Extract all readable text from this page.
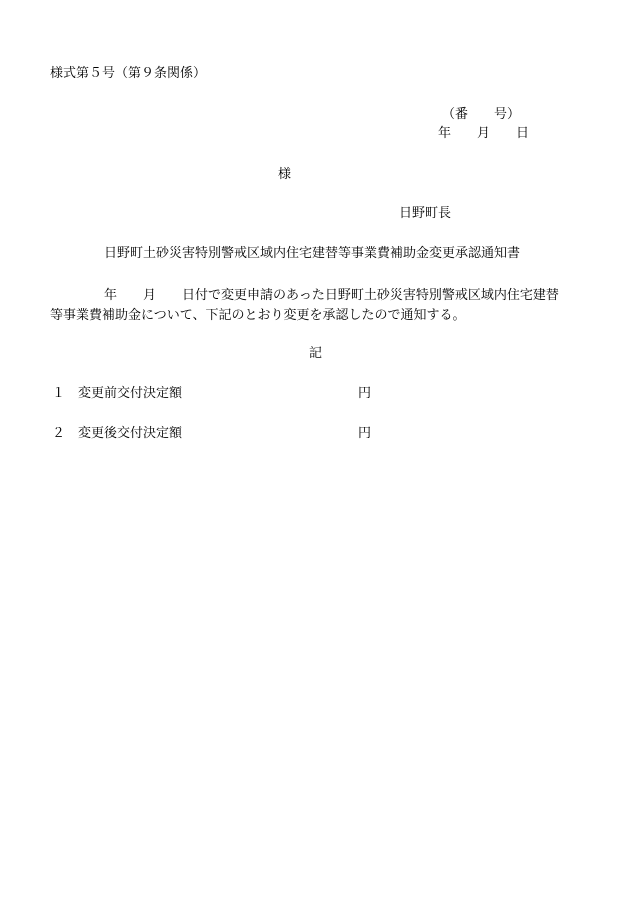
様式第５号（第９条関係）
（番　　号）
年　　月　　日
様
日野町長
日野町土砂災害特別警戒区域内住宅建替等事業費補助金変更承認通知書
年　　月　　日付で変更申請のあった日野町土砂災害特別警戒区域内住宅建替
等事業費補助金について、下記のとおり変更を承認したので通知する。
記
１ 変更前交付決定額	円
２ 変更後交付決定額	円
